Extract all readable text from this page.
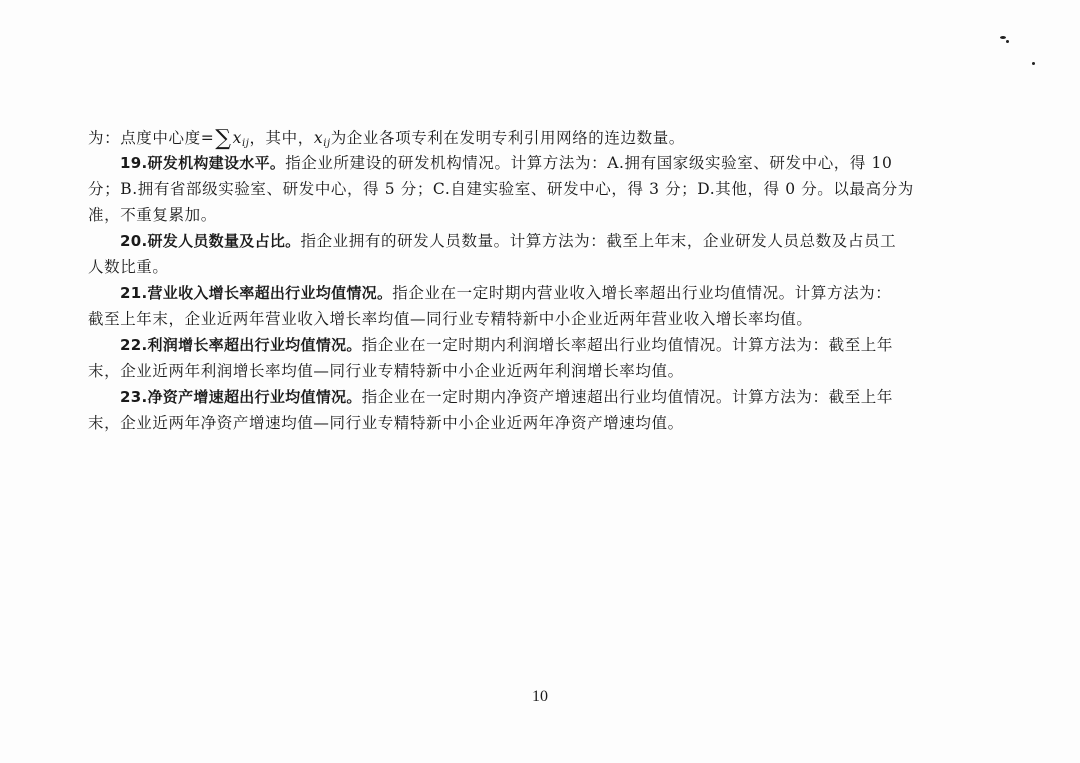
为：点度中心度=∑xij，其中，xij为企业各项专利在发明专利引用网络的连边数量。
19.研发机构建设水平。指企业所建设的研发机构情况。计算方法为：A.拥有国家级实验室、研发中心，得 10
分；B.拥有省部级实验室、研发中心，得 5 分；C.自建实验室、研发中心，得 3 分；D.其他，得 0 分。以最高分为
准，不重复累加。
20.研发人员数量及占比。指企业拥有的研发人员数量。计算方法为：截至上年末，企业研发人员总数及占员工
人数比重。
21.营业收入增长率超出行业均值情况。指企业在一定时期内营业收入增长率超出行业均值情况。计算方法为：
截至上年末，企业近两年营业收入增长率均值—同行业专精特新中小企业近两年营业收入增长率均值。
22.利润增长率超出行业均值情况。指企业在一定时期内利润增长率超出行业均值情况。计算方法为：截至上年
末，企业近两年利润增长率均值—同行业专精特新中小企业近两年利润增长率均值。
23.净资产增速超出行业均值情况。指企业在一定时期内净资产增速超出行业均值情况。计算方法为：截至上年
末，企业近两年净资产增速均值—同行业专精特新中小企业近两年净资产增速均值。
10
